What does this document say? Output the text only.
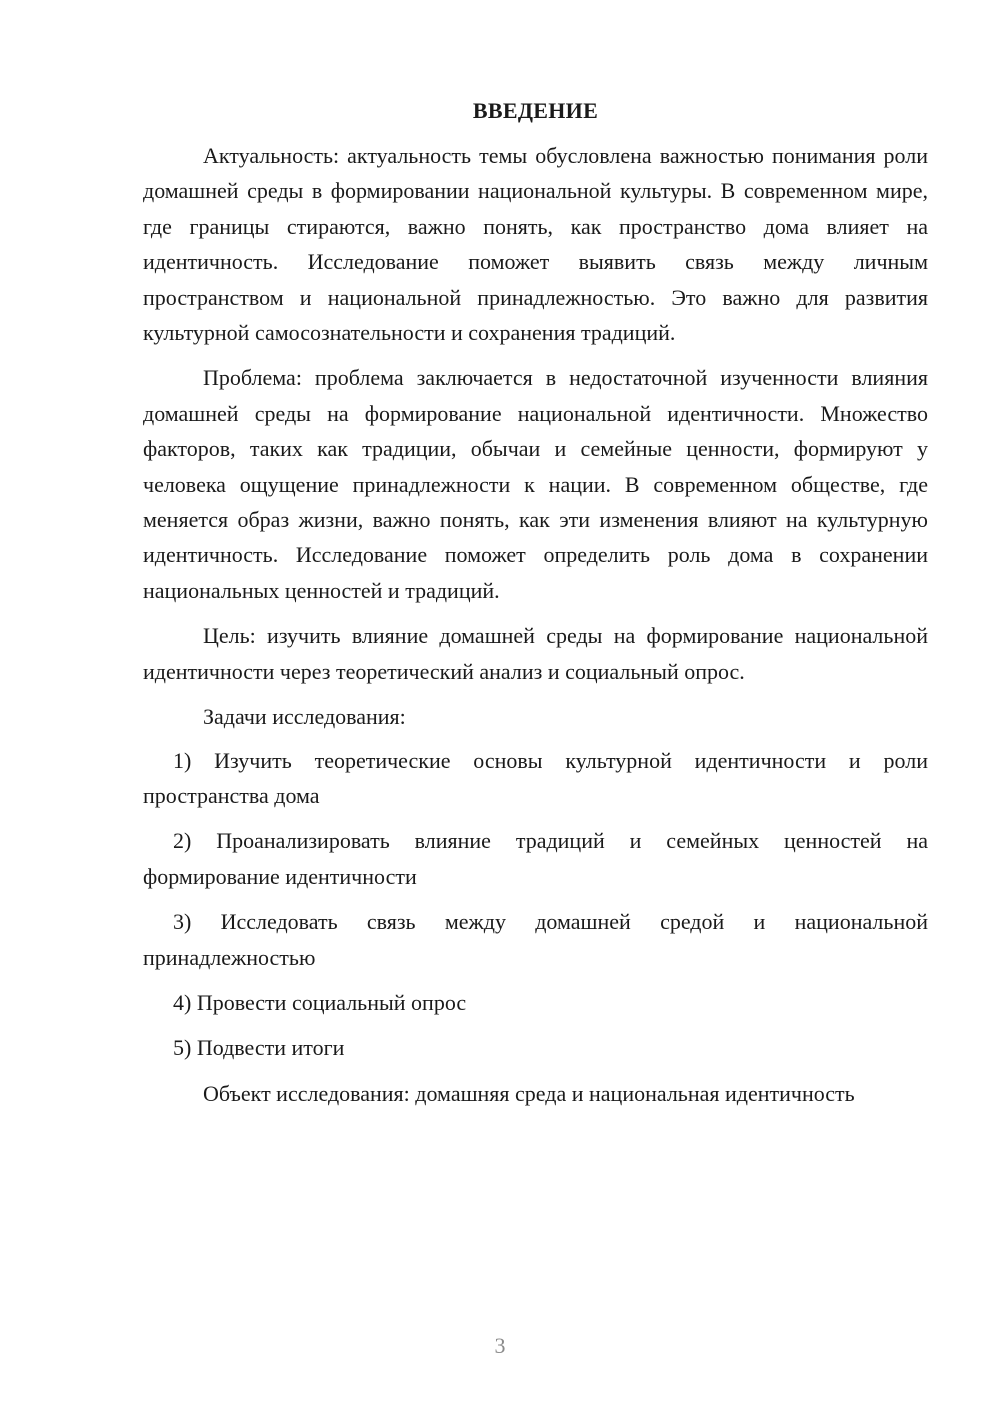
ВВЕДЕНИЕ

Актуальность: актуальность темы обусловлена важностью понимания роли домашней среды в формировании национальной культуры. В современном мире, где границы стираются, важно понять, как пространство дома влияет на идентичность. Исследование поможет выявить связь между личным пространством и национальной принадлежностью. Это важно для развития культурной самосознательности и сохранения традиций.

Проблема: проблема заключается в недостаточной изученности влияния домашней среды на формирование национальной идентичности. Множество факторов, таких как традиции, обычаи и семейные ценности, формируют у человека ощущение принадлежности к нации. В современном обществе, где меняется образ жизни, важно понять, как эти изменения влияют на культурную идентичность. Исследование поможет определить роль дома в сохранении национальных ценностей и традиций.

Цель: изучить влияние домашней среды на формирование национальной идентичности через теоретический анализ и социальный опрос.

Задачи исследования:

1) Изучить теоретические основы культурной идентичности и роли пространства дома

2) Проанализировать влияние традиций и семейных ценностей на формирование идентичности

3) Исследовать связь между домашней средой и национальной принадлежностью

4) Провести социальный опрос

5) Подвести итоги

Объект исследования: домашняя среда и национальная идентичность

3
